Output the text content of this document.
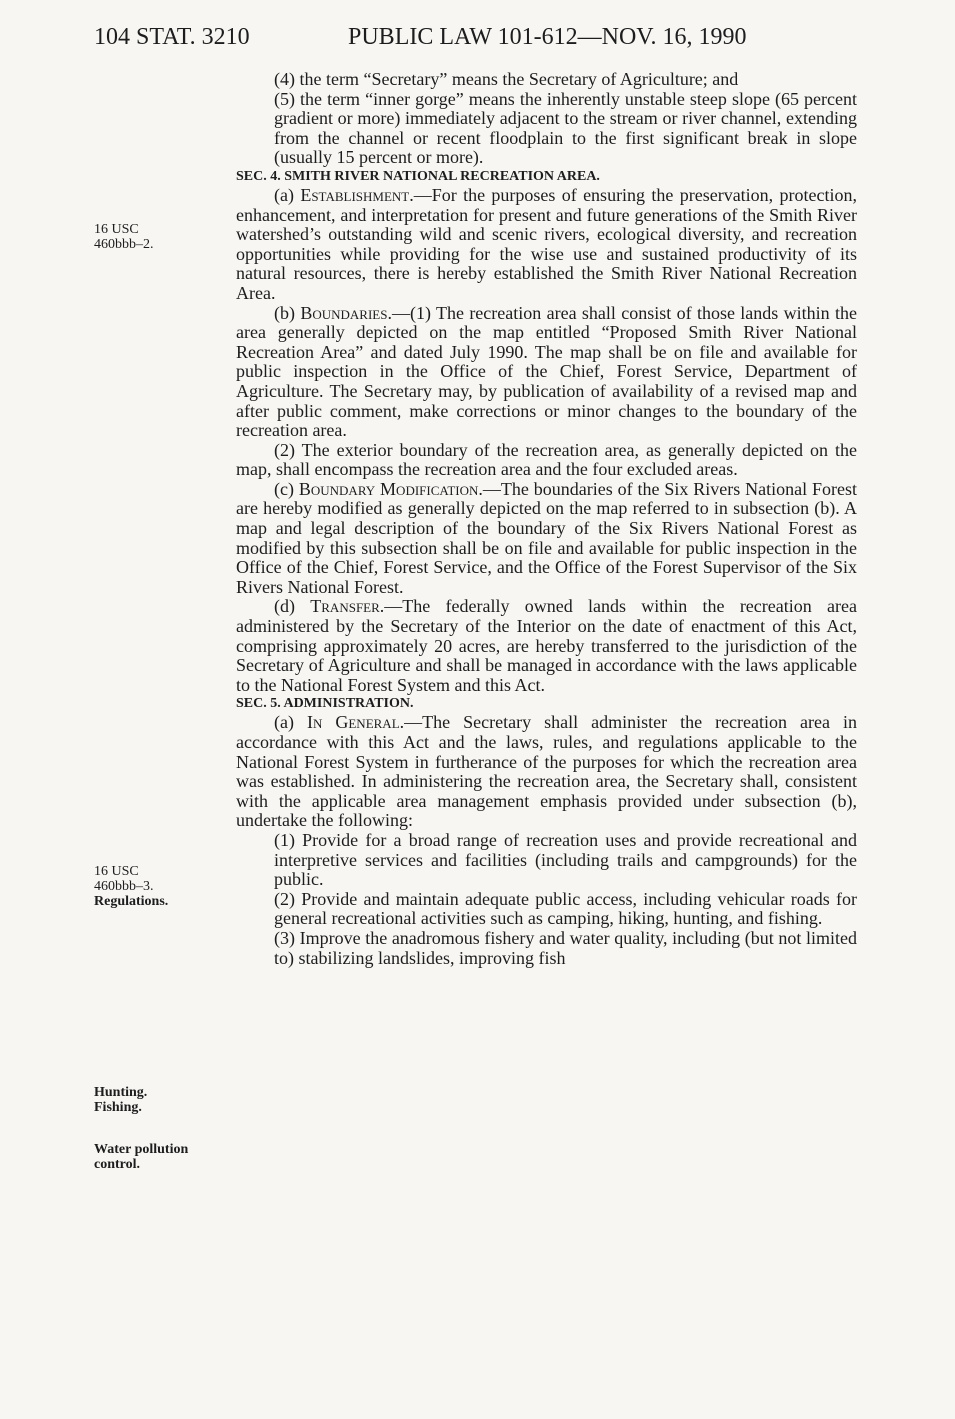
104 STAT. 3210	PUBLIC LAW 101-612—NOV. 16, 1990
16 USC
460bbb–2.
16 USC
460bbb–3.
Regulations.
Hunting.
Fishing.
Water pollution
control.

(4) the term “Secretary” means the Secretary of Agriculture; and

(5) the term “inner gorge” means the inherently unstable steep slope (65 percent gradient or more) immediately adjacent to the stream or river channel, extending from the channel or recent floodplain to the first significant break in slope (usually 15 percent or more).

SEC. 4. SMITH RIVER NATIONAL RECREATION AREA.

(a) Establishment.—For the purposes of ensuring the preservation, protection, enhancement, and interpretation for present and future generations of the Smith River watershed’s outstanding wild and scenic rivers, ecological diversity, and recreation opportunities while providing for the wise use and sustained productivity of its natural resources, there is hereby established the Smith River National Recreation Area.

(b) Boundaries.—(1) The recreation area shall consist of those lands within the area generally depicted on the map entitled “Proposed Smith River National Recreation Area” and dated July 1990. The map shall be on file and available for public inspection in the Office of the Chief, Forest Service, Department of Agriculture. The Secretary may, by publication of availability of a revised map and after public comment, make corrections or minor changes to the boundary of the recreation area.

(2) The exterior boundary of the recreation area, as generally depicted on the map, shall encompass the recreation area and the four excluded areas.

(c) Boundary Modification.—The boundaries of the Six Rivers National Forest are hereby modified as generally depicted on the map referred to in subsection (b). A map and legal description of the boundary of the Six Rivers National Forest as modified by this subsection shall be on file and available for public inspection in the Office of the Chief, Forest Service, and the Office of the Forest Supervisor of the Six Rivers National Forest.

(d) Transfer.—The federally owned lands within the recreation area administered by the Secretary of the Interior on the date of enactment of this Act, comprising approximately 20 acres, are hereby transferred to the jurisdiction of the Secretary of Agriculture and shall be managed in accordance with the laws applicable to the National Forest System and this Act.

SEC. 5. ADMINISTRATION.

(a) In General.—The Secretary shall administer the recreation area in accordance with this Act and the laws, rules, and regulations applicable to the National Forest System in furtherance of the purposes for which the recreation area was established. In administering the recreation area, the Secretary shall, consistent with the applicable area management emphasis provided under subsection (b), undertake the following:

(1) Provide for a broad range of recreation uses and provide recreational and interpretive services and facilities (including trails and campgrounds) for the public.

(2) Provide and maintain adequate public access, including vehicular roads for general recreational activities such as camping, hiking, hunting, and fishing.

(3) Improve the anadromous fishery and water quality, including (but not limited to) stabilizing landslides, improving fish
